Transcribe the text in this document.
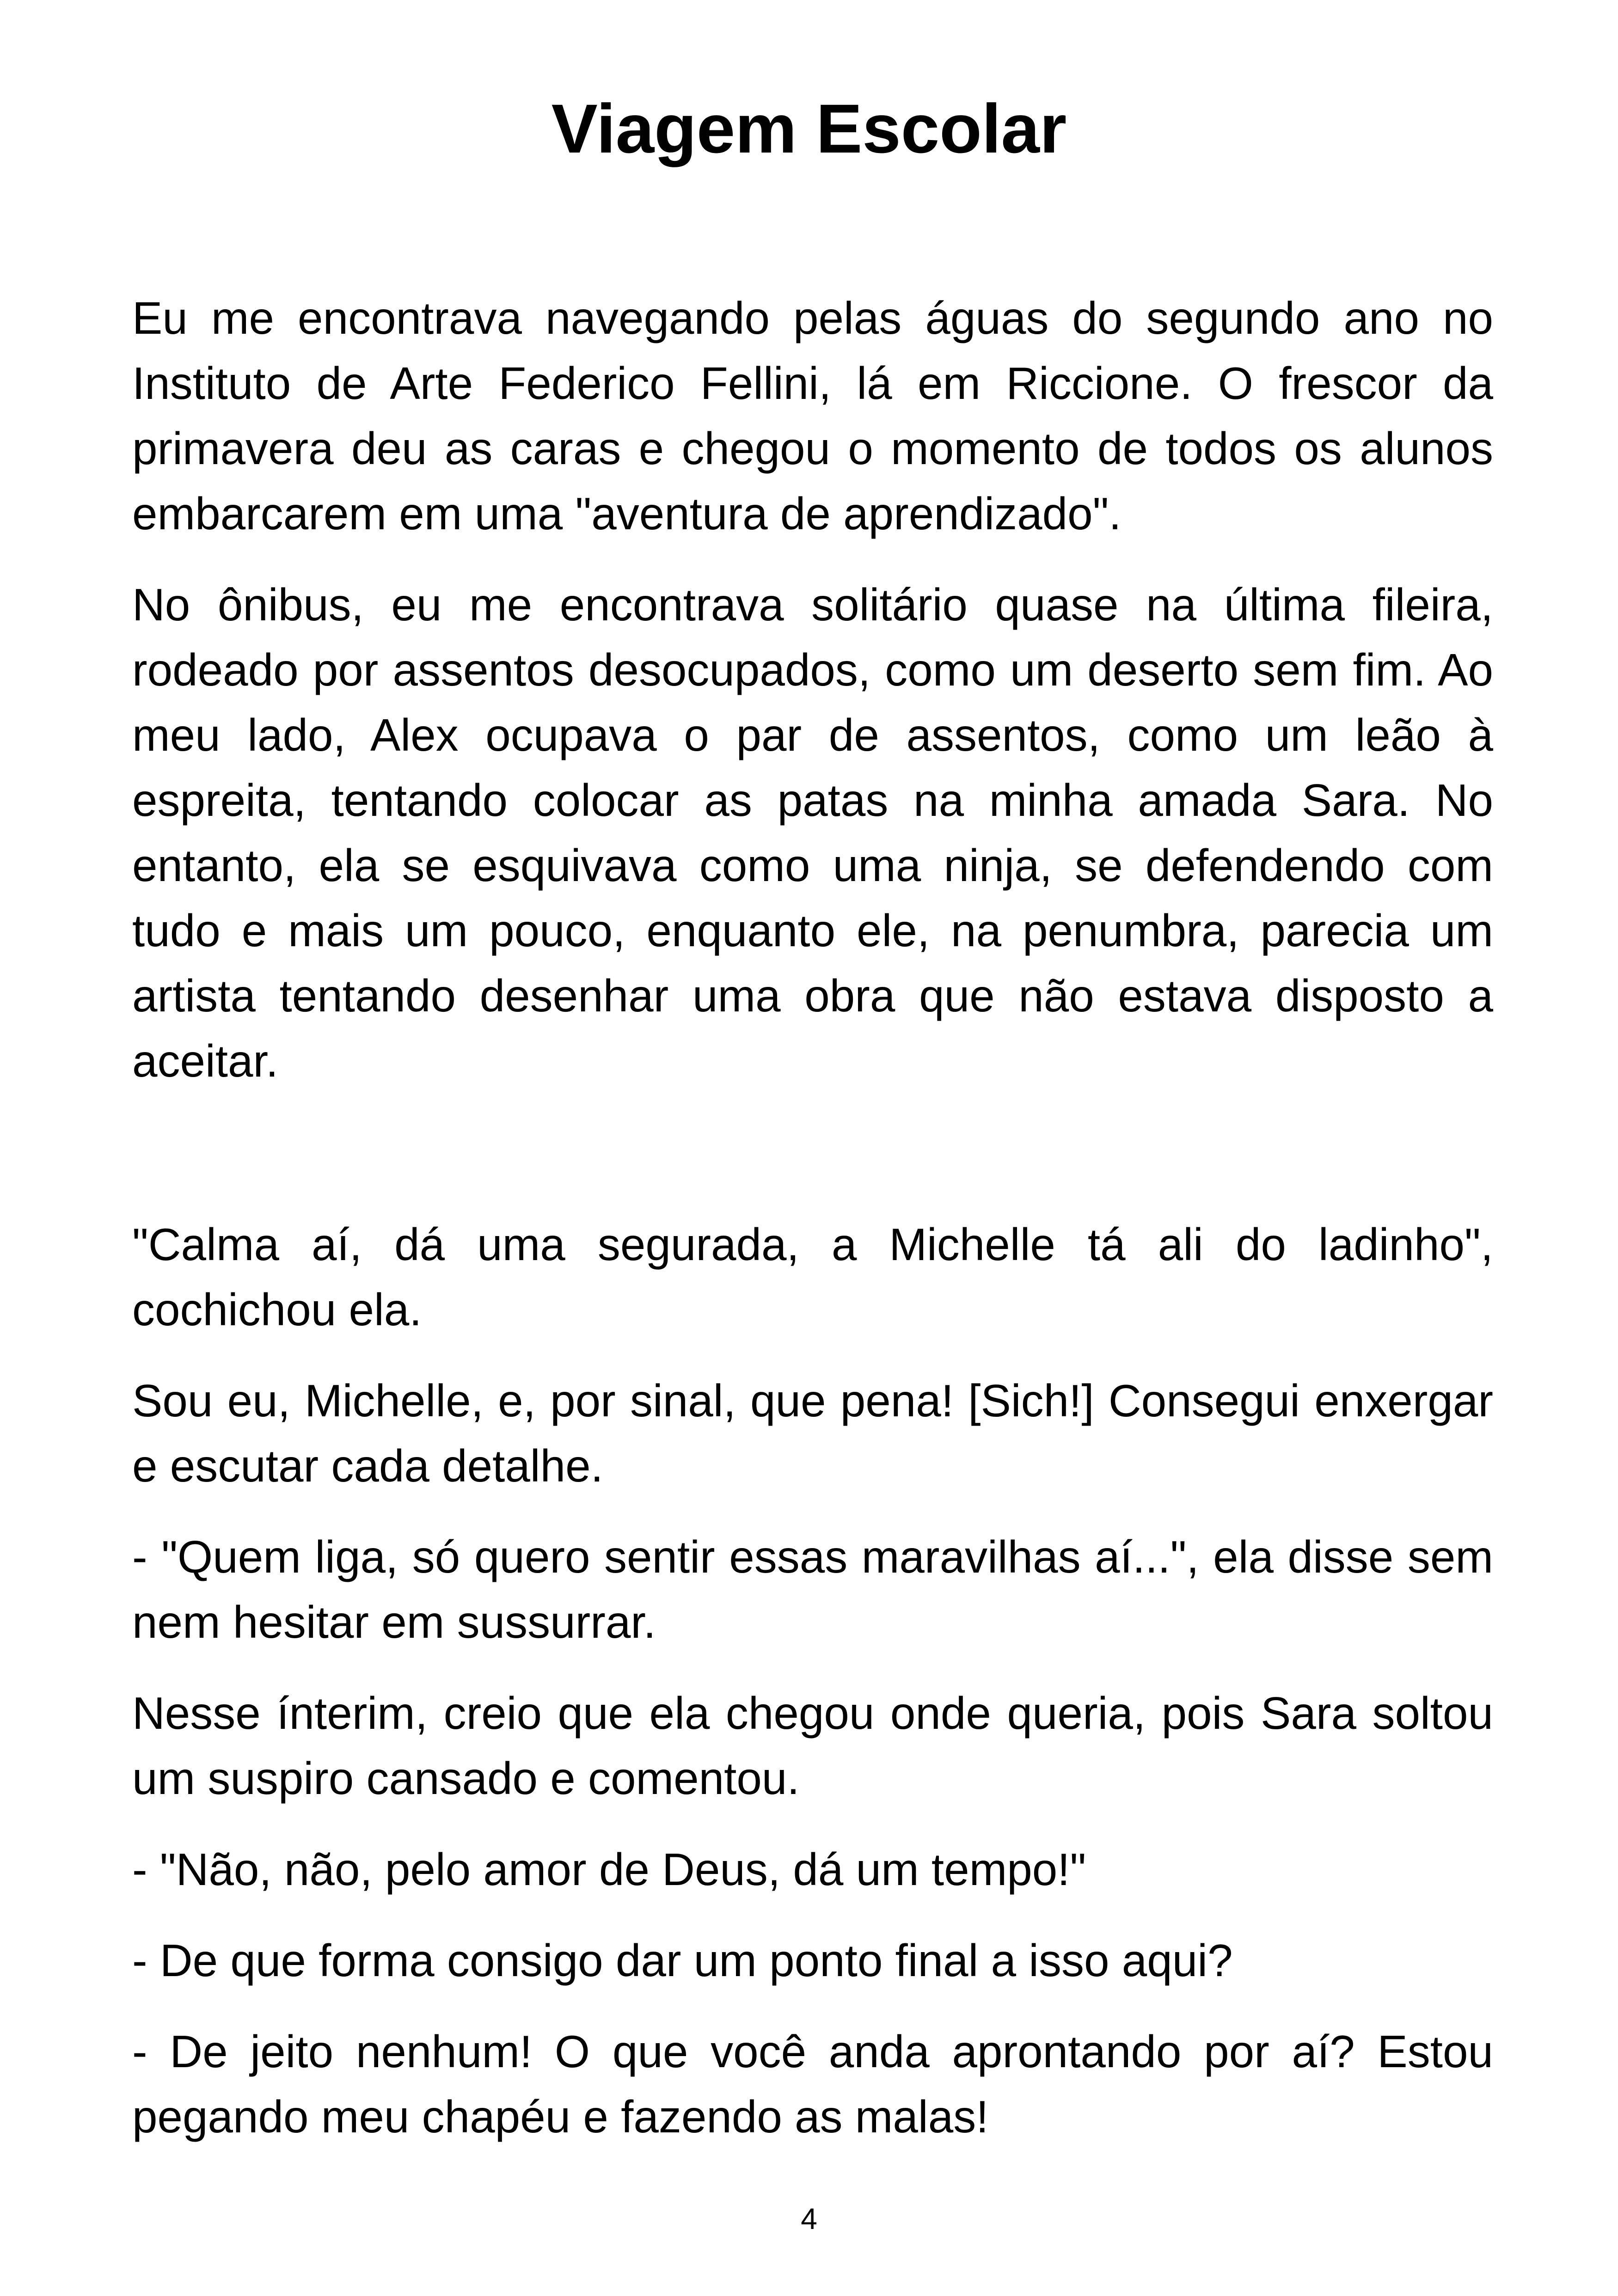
Viagem Escolar

Eu me encontrava navegando pelas águas do segundo ano no Instituto de Arte Federico Fellini, lá em Riccione. O frescor da primavera deu as caras e chegou o momento de todos os alunos embarcarem em uma "aventura de aprendizado".

No ônibus, eu me encontrava solitário quase na última fileira, rodeado por assentos desocupados, como um deserto sem fim. Ao meu lado, Alex ocupava o par de assentos, como um leão à espreita, tentando colocar as patas na minha amada Sara. No entanto, ela se esquivava como uma ninja, se defendendo com tudo e mais um pouco, enquanto ele, na penumbra, parecia um artista tentando desenhar uma obra que não estava disposto a aceitar.

"Calma aí, dá uma segurada, a Michelle tá ali do ladinho", cochichou ela.

Sou eu, Michelle, e, por sinal, que pena! [Sich!] Consegui enxergar e escutar cada detalhe.

- "Quem liga, só quero sentir essas maravilhas aí...", ela disse sem nem hesitar em sussurrar.

Nesse ínterim, creio que ela chegou onde queria, pois Sara soltou um suspiro cansado e comentou.

- "Não, não, pelo amor de Deus, dá um tempo!"

- De que forma consigo dar um ponto final a isso aqui?

- De jeito nenhum! O que você anda aprontando por aí? Estou pegando meu chapéu e fazendo as malas!

4
